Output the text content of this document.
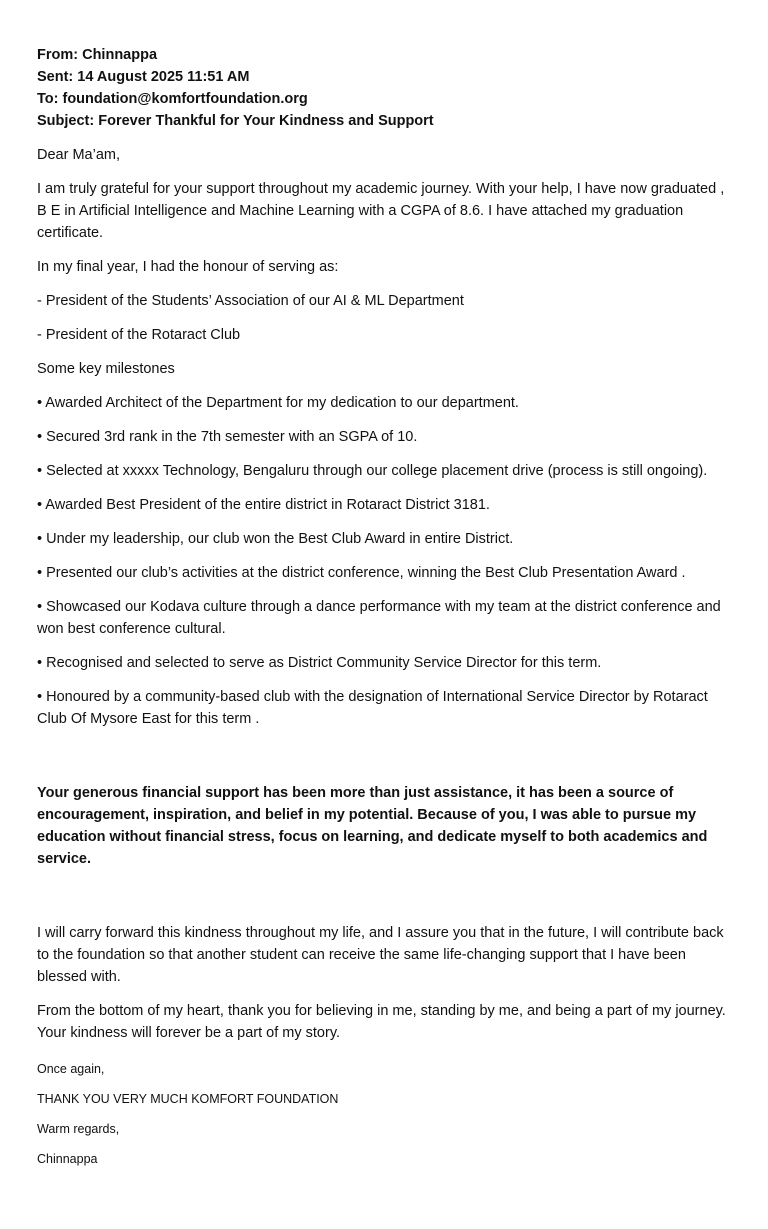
From: Chinnappa
Sent: 14 August 2025 11:51 AM
To: foundation@komfortfoundation.org
Subject: Forever Thankful for Your Kindness and Support

Dear Ma’am,

I am truly grateful for your support throughout my academic journey. With your help, I have now graduated , B E in Artificial Intelligence and Machine Learning with a CGPA of 8.6. I have attached my graduation certificate.

In my final year, I had the honour of serving as:

- President of the Students’ Association of our AI & ML Department

- President of the Rotaract Club

Some key milestones

• Awarded Architect of the Department for my dedication to our department.

• Secured 3rd rank in the 7th semester with an SGPA of 10.

• Selected at xxxxx Technology, Bengaluru through our college placement drive (process is still ongoing).

• Awarded Best President of the entire district in Rotaract District 3181.

• Under my leadership, our club won the Best Club Award in entire District.

• Presented our club’s activities at the district conference, winning the Best Club Presentation Award .

• Showcased our Kodava culture through a dance performance with my team at the district conference and won best conference cultural.

• Recognised and selected to serve as District Community Service Director for this term.

• Honoured by a community-based club with the designation of International Service Director by Rotaract Club Of Mysore East for this term .

Your generous financial support has been more than just assistance, it has been a source of encouragement, inspiration, and belief in my potential. Because of you, I was able to pursue my education without financial stress, focus on learning, and dedicate myself to both academics and service.

I will carry forward this kindness throughout my life, and I assure you that in the future, I will contribute back to the foundation so that another student can receive the same life-changing support that I have been blessed with.

From the bottom of my heart, thank you for believing in me, standing by me, and being a part of my journey. Your kindness will forever be a part of my story.

Once again,

THANK YOU VERY MUCH KOMFORT FOUNDATION

Warm regards,

Chinnappa
